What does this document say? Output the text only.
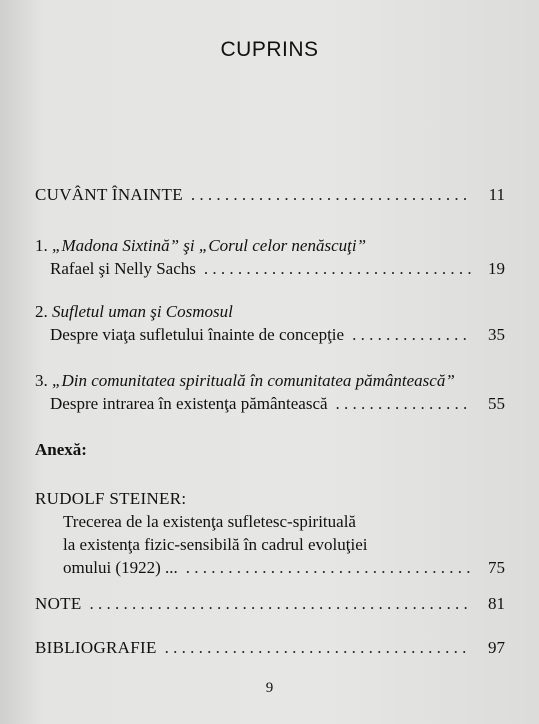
CUPRINS
CUVÂNT ÎNAINTE . . .	11
1.
„Madona Sixtină” şi „Corul celor nenăscuţi”
Rafael şi Nelly Sachs . . .	19
2.
Sufletul uman şi Cosmosul
Despre viaţa sufletului înainte de concepţie . . .	35
3.
„Din comunitatea spirituală în comunitatea pământească”
Despre intrarea în existenţa pământească . . .	55
Anexă:
RUDOLF STEINER:
Trecerea de la existenţa sufletesc-spirituală
la existenţa fizic-sensibilă în cadrul evoluţiei
omului (1922) ... . . .	75
NOTE . . .	81
BIBLIOGRAFIE . . .	97
9
